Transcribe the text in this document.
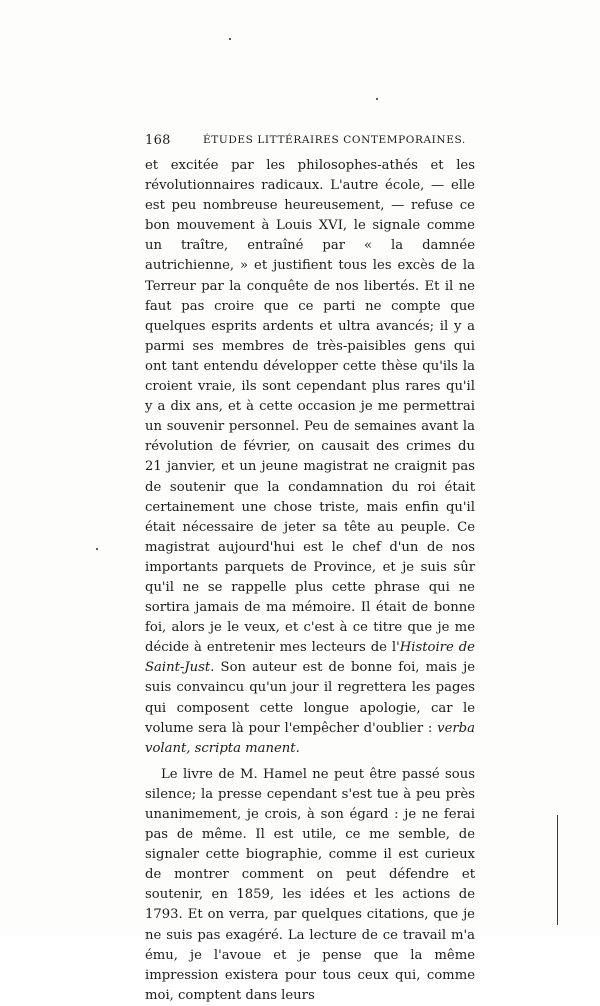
168	ÉTUDES LITTÉRAIRES CONTEMPORAINES.

et excitée par les philosophes-athés et les révolutionnaires radicaux. L'autre école, — elle est peu nombreuse heureusement, — refuse ce bon mouvement à Louis XVI, le signale comme un traître, entraîné par « la damnée autrichienne, » et justifient tous les excès de la Terreur par la conquête de nos libertés. Et il ne faut pas croire que ce parti ne compte que quelques esprits ardents et ultra avancés; il y a parmi ses membres de très-paisibles gens qui ont tant entendu développer cette thèse qu'ils la croient vraie, ils sont cependant plus rares qu'il y a dix ans, et à cette occasion je me permettrai un souvenir personnel. Peu de semaines avant la révolution de février, on causait des crimes du 21 janvier, et un jeune magistrat ne craignit pas de soutenir que la condamnation du roi était certainement une chose triste, mais enfin qu'il était nécessaire de jeter sa tête au peuple. Ce magistrat aujourd'hui est le chef d'un de nos importants parquets de Province, et je suis sûr qu'il ne se rappelle plus cette phrase qui ne sortira jamais de ma mémoire. Il était de bonne foi, alors je le veux, et c'est à ce titre que je me décide à entretenir mes lecteurs de l'Histoire de Saint-Just. Son auteur est de bonne foi, mais je suis convaincu qu'un jour il regrettera les pages qui composent cette longue apologie, car le volume sera là pour l'empêcher d'oublier : verba volant, scripta manent.

Le livre de M. Hamel ne peut être passé sous silence; la presse cependant s'est tue à peu près unanimement, je crois, à son égard : je ne ferai pas de même. Il est utile, ce me semble, de signaler cette biographie, comme il est curieux de montrer comment on peut défendre et soutenir, en 1859, les idées et les actions de 1793. Et on verra, par quelques citations, que je ne suis pas exagéré. La lecture de ce travail m'a ému, je l'avoue et je pense que la même impression existera pour tous ceux qui, comme moi, comptent dans leurs
